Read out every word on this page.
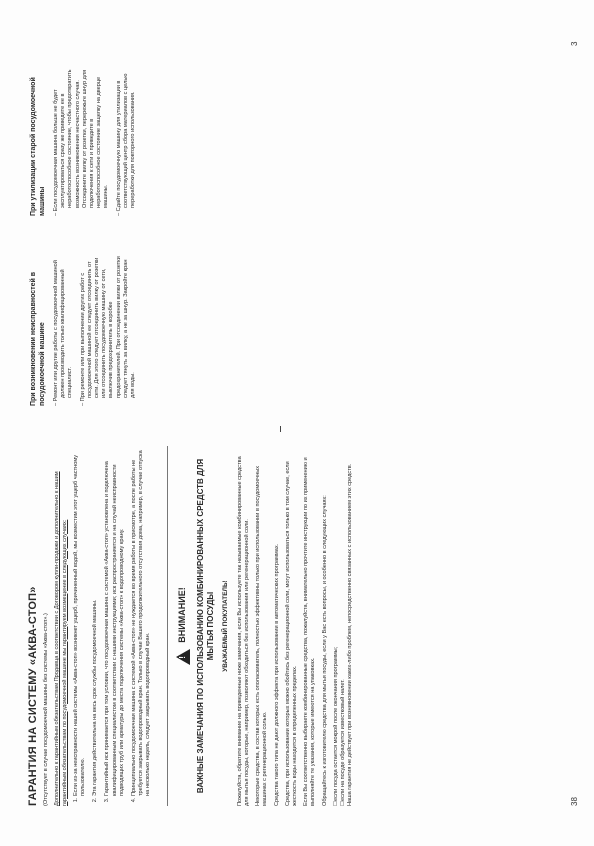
ГАРАНТИЯ НА СИСТЕМУ «АКВА-СТОП» (Отсутствует в случае посудомоечной машины без системы «Аква-стоп».) Дополнительно к гарантийным обязательствам Продавца в соответствии с Договором купли-продажи и дополнительно к нашим гарантийным обязательствам по посудомоечной машине мы гарантируем возмещение в следующих случаях: 1. Если из-за неисправности нашей системы «Аква-стоп» возникнет ущерб, причиненный водой, мы возместим этот ущерб частному пользователю. 2. Эта гарантия действительна на весь срок службы посудомоечной машины. 3. Гарантийный иск принимается при том условии, что посудомоечная машина с системой «Аква-стоп» установлена и подключена квалифицированным специалистом в соответствии с нашими инструкциями; иск распространяется и на случай неисправности подводящих труб или арматуры до места подключения системы «Аква-стоп» к водопроводному крану. 4. Принципиально посудомоечная машина с системой «Аква-стоп» не нуждается во время работы в присмотре, а после работы не требуется закрывать водопроводный кран. Только в случае Вашего продолжительного отсутствия дома, например, в случае отпуска на несколько недель, следует закрывать водопроводный кран.	!
ВНИМАНИЕ! ВАЖНЫЕ ЗАМЕЧАНИЯ ПО ИСПОЛЬЗОВАНИЮ КОМБИНИРОВАННЫХ СРЕДСТВ ДЛЯ МЫТЬЯ ПОСУДЫ УВАЖАЕМЫЙ ПОКУПАТЕЛЬ! Пожалуйста, обратите внимание на приведенные ниже замечания, если Вы используете так называемые комбинированные средства для мытья посуды, которые, например, позволяют обходиться без использования или регенерационной соли. Некоторые средства, в состав которых есть ополаскиватель, полностью эффективны только при использовании в посудомоечных машинах с регенерационной солью. Средства такого типа не дают должного эффекта при использовании в автоматических программах. Средства, при использовании которых можно обойтись без регенерационной соли, могут использоваться только в том случае, если жесткость воды находится в определенных пределах. Если Вы соответственно выбираете комбинированные средства, пожалуйста, внимательно прочтите инструкции по их применению и выполняйте те указания, которые имеются на упаковках. Обращайтесь к изготовителю средства для мытья посуды, если у Вас есть вопросы, и особенно в следующих случаях: ☐ если посуда остается мокрой после окончания программы; ☐ если на посуде образуется известковый налет. Наша гарантия не действует при возникновении каких-либо проблем, непосредственно связанных с использованием этих средств.

При возникновении неисправностей в посудомоечной машине – Ремонт или другие работы с посудомоечной машиной должен производить только квалифицированный специалист. – При ремонте или при выполнении других работ с посудомоечной машиной ее следует отсоединить от сети. Для этого следует отсоединить вилку от розетки или отсоединить посудомоечную машину от сети, выключив предохранитель в коробке предохранителей. При отсоединении вилки от розетки следует тянуть за вилку, а не за шнур. Закройте кран для воды.

При утилизации старой посудомоечной машины – Если посудомоечная машина больше не будет эксплуатироваться сразу же приведите ее в неработоспособное состояние, чтобы предотвратить возможность возникновения несчастного случая. Отсоедините вилку от розетки, перережьте шнур для подключения к сети и приведите в неработоспособное состояние защелку на дверце машины. – Сдайте посудомоечную машину для утилизации в соответствующий центр сбора материалов с целью переработки для повторного использования.
38
3
